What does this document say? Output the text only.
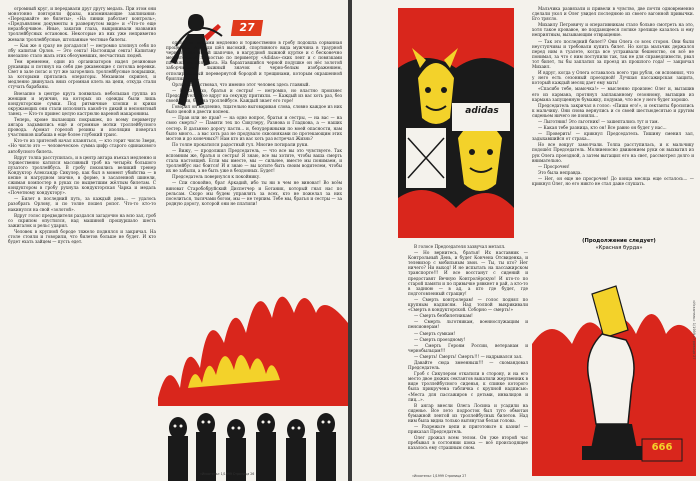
огромный круг, и передавали друг другу медаль. При этом они монотонно повторяли фразы, напоминающие заклинания: «Передавайте не билеты», «На линии работает контроль», «Предъявляем документы в развернутом виде» и «Что-то еще неразборчивое. Иные, закатив глаза, выкрикивали названия троллейбусных остановок. Некоторые из них уже неприметно жевали троллейбусные, штопанные честные билеты.

— Как же я сразу не догадался! — негромко хлопнул себя по лбу капитан Орлов. — Это секта! Настоящая секта! Капитану внезапно стало жаль этих обезумевших, несчастных людей.

Тем временем, один из организаторов надел резиновые рукавицы и потянул на себя две ржавеющие с потолка веревки. Свет в зале погас и тут же загорелись троллейбусные покрышки, за которыми прятались операторы. Механизм скрипел, и медленно двинулась вниз огромная клеть на цепи, откуда стали стучать барабаны.

Внезапно в центре круга появилась небольшая группа из женщин и мужчин, на которых из одежды были лишь кондукторские сумки. Под ритмичные хлопки и крики окружающих они стали исполнять какой-то дикий и непонятный танец. — Кто-то принес целую кастрюлю вареной макаронины.

Теперь, кроме пылающих покрышек, по всему периметру ангара задымились ещё и огромные мотки троллейбусного провода. Аромат горелой резины и изоляции повергал участников шабаша в еще более глубокий транс.

Кто-то из зрителей начал кланяться, — кто горит число Зверя, «Но число это — человеческое: сумма цифр старого одинакового автобусного билета.

Вдруг толпа расступилась, и в центр ангара въехал медленно и торжественно катился массивный троб на четырёх большого пузатого троллейбуса. В гробу покоились великий тренер Кондуктор Александр Сикулер, как был в момент убийства — в кепке и нагрудном значке, в форме, в засаленной шинели, сжимая компостер в руках по выцветшим жёлтым билетам. С кондуктором в гробу рухнула кондукторская Чарка и медаль «Почетному кондуктору».

— Билет в последний путь, за каждый день... — удалось разобрать Орлову, и по толпе пошел ропот. Что-то кто-то накинулся на свой «золотой».

Вдруг голос предводителя раздался загадочно на всю зал, гроб со скрипом опустился, над машиной прошуршало шесть зажигалок и рельс ударил.

Человек в крупной бороде тяжело поднялся и закричал. На столе стояли и говорили, что билетов больше не будет. И кто будет ехать зайцем — пусть едет.

27

одной, за венками медленно и торжественно в гробу подошла сорванная процессия. Впереди шёл высокий, спортивного вида мужчина в траурной черной нейлоновой шапочке, в нагрудной лыжной куртке и с бесконечно медлительной ловкостью по периметру «Adidas»-ских лент и с повязками пассажиров для гласа. На барахтавшийся черной подушке он нёс золотой заборчиковый лыжный значок с черно-белым изображением, отполированный перевернутой бородой и трещинами, которым окрашенной бриллиантами.

Орлов почувствовал, что именно этот человек здесь главный.

— Ну-ка тихо, братья и сестры! — негромко, но властно произнес Председатель. Все вдруг на секунду притихли. — Каждый из вас хоть раз, без своей воли, был на троллейбусе. Каждый знает его горе!

Говорил он медленно, тщательно выговаривая слова, словно каждое из них было ценой в двести копеек.

— Прав или не прав? — на одно вопрос, братья и сестры, — на вас — на свою смерть? — Памяти тех по Сикулеру, Разнова и Гладкова, а — наших сестер. В дальнюю дорогу пасти... и, безудержными по моей опасности, нам было много... а вас хоть раз не продувало сквозняками по протекающим этих мостов и до конечных?! Нам кто из вас хоть раз встречал Жизнь?

По толпе прокатился радостный гул. Многие потирали руки.

— Вижу, — продолжил Председатель, — что все вы это чувствуете. Так вспомним же, братья и сестры! Я знаю, все вы хотите, чтобы ваша смерть стала настоящей. Если мы вместе, мы — сильнее, вместе мы понимаем, и троллейбус нас боится! И я знаю — вы хотите быть своим водителем, чтобы их не забыли, а не быть уже в бездонных. Будет!

Председатель повернулся к покойнику.

— Спи спокойно, брат Аркадий, ибо ты ни в чем не виноват! Во всём виноват Старобобруйский Диспетчер и Ботаник, который гнал нас по рельсам. Скоро мы будем управлять за всех, кто не пожелал за них поселиться, тысячами богом, мы — не терпим. Тебе мы, братья и сестры — за родную дорогу, которой они не платили!

«Искатель» 1/1999 Страница 26
adidas

В голосе Председателя зазвучал металл.

— Но вернитесь, братья! Их наставник — Контрольный День, и будет Кончена Отсвиденка, и телевизор с мобильным звон. — Ты, ты кто? Нет ничего? Ни выход! И не испытать на пассажирском транспорте!!! И все восстанут с сидений и предоставят Вечную Контролёрскую! И кто-то по старой памяти и по привычке рявкнет в рай, а кто-то в заднюю — в ад, а кто где будет, где подготовленный стращну!

— Смерть контролерам! — голос поднял по крупным надписям. Над толпой выкрикивали «Смерть в кондукторской. Соборно — смерть!»

— Смерть безбилетникам!

— Смерть льготникам, военнослужащим и пенсионерам!

— Смерть сумкам!

— Смерть проездному!

— Смерть Героям России, ветеранам и чернобыльцам!!!

— Смерть! Смерть! Смерть!!! — надрывался зал.

Давайте сюда змеенныш!!! — скомандовал Председатель.

Гроб с Сикулером откатили в сторону, и на его место двое дюжих сектантов выкатили жертвенник в виде троллейбусного сиденья, к спинке которого была прикручена табличка с крупной надписью: «Места для пассажиров с детьми, инвалидов и лиц...».

В ангар внесли Олега Лосина и усадили на сиденье. Все лето подросток был туго обмотан бумажной лентой из троллейбусных билетов. Над ним была видна только вытянутая белая голова.

— Разрежьте цепи и приготовьте к казни! — приказал Председатель.

Олег дрожал всем телом. Он уже второй час пребывал в состоянии шока — всё происходящее казалось ему страшным сном.

Мальчика развязали и привели в чувство, две почти одновременно сделали укол и Олег увидел последнюю из своего вагонной привычки. Его трясло.

Михаилу Петровичу и оперативникам стало больно смотреть на это, хотя такое кровавое, не поддающееся логике зрелище казалось и ему неприятным, вызывающим отвращение.

— Так это последний билет!? Они Олега со всех сторон. Они были неуступчивы и требовали купить билет. Но когда мальчик держался перед ним в туалете, когда все устраивали бешенство, он всё не понимал, за что с ним поступили так, так не для справедливости, рвал тот билет, ты бы заплатил за проезд из прошлого года! — закричал Михаил.

И вдруг, когда у Олега оставалось всего три рубля, он вспомнил, что у него есть сезонный проездной! Лучшая пассажирская защита, который каждый месяц дает ему мать!

«Спасибо тебе, мамочка!» — мысленно произнес Олег и, выташив его из кармана, протянул заплаканному сезонному, вытащив из кармана запущенную бумажку, подумав, что все у него будет хорошо.

Председатель закричал в голос: «Пиши его!», и сектанты бросились к мальчику. Они снова вернулись и со своей шестьюдесятью и другим сиденьем ничего не поняли...

— Лыготник! Это льготник! — зашептались тут и там.

— Какая тебе разница, кто он! Все равно он будет у нас...

— Проверить! — крикнул Председатель. Тишину сменил зал, задыхавшийся от страха...

Но все вокруг замолчали. Толпа расступилась, и к мальчику подошёл Председатель. Молниеносно движением руки он выхватил из рук Олега проездной, а затем вытащил его на свет, рассмотрел долго и внимательно.

— Просрочен!

Это была неправда.

— Нет, он еще не просрочен! До конца месяца еще осталось... — крикнул Олег, но его никто не стал даже слушать.

(Продолжение следует)
«Красная бурда»
666
«Искатель» 1/1999 Страница 27
«Искатель» 1/1999 Страница 27
